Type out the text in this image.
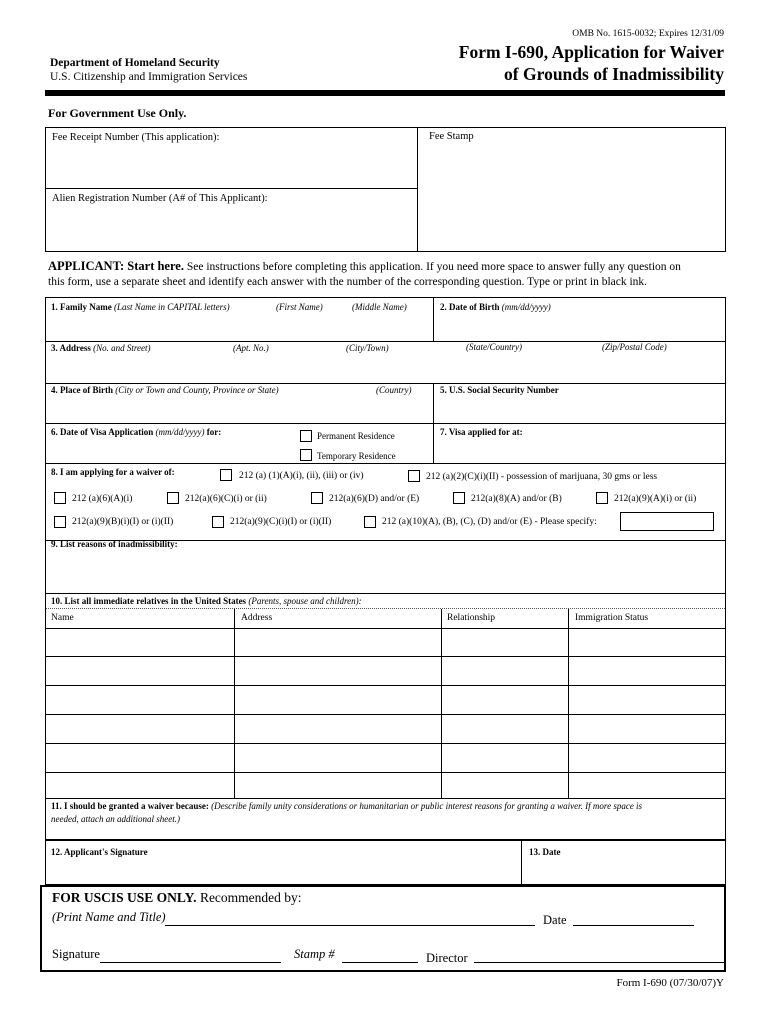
OMB No. 1615-0032; Expires 12/31/09
Department of Homeland Security
U.S. Citizenship and Immigration Services
Form I-690, Application for Waiver
of Grounds of Inadmissibility
For Government Use Only.
Fee Receipt Number (This application):
Alien Registration Number (A# of This Applicant):
Fee Stamp
APPLICANT: Start here. See instructions before completing this application. If you need more space to answer fully any question on
this form, use a separate sheet and identify each answer with the number of the corresponding question. Type or print in black ink.
1. Family Name (Last Name in CAPITAL letters)	(First Name)	(Middle Name)	2. Date of Birth (mm/dd/yyyy)
3. Address (No. and Street)	(Apt. No.)	(City/Town)	(State/Country)	(Zip/Postal Code)
4. Place of Birth (City or Town and County, Province or State)	(Country)	5. U.S. Social Security Number
6. Date of Visa Application (mm/dd/yyyy) for:	Permanent Residence
Temporary Residence
7. Visa applied for at:
8. I am applying for a waiver of:	212 (a) (1)(A)(i), (ii), (iii) or (iv)	212 (a)(2)(C)(i)(II) - possession of marijuana, 30 gms or less
212 (a)(6)(A)(i)	212(a)(6)(C)(i) or (ii)	212(a)(6)(D) and/or (E)	212(a)(8)(A) and/or (B)	212(a)(9)(A)(i) or (ii)
212(a)(9)(B)(i)(I) or (i)(II)	212(a)(9)(C)(i)(I) or (i)(II)	212 (a)(10)(A), (B), (C), (D) and/or (E) - Please specify:
9. List reasons of inadmissibility:
10. List all immediate relatives in the United States (Parents, spouse and children):
Name	Address	Relationship	Immigration Status
11. I should be granted a waiver because: (Describe family unity considerations or humanitarian or public interest reasons for granting a waiver. If more space is
needed, attach an additional sheet.)
12. Applicant's Signature	13. Date
FOR USCIS USE ONLY. Recommended by:
(Print Name and Title)	Date
Signature	Stamp #	Director
Form I-690 (07/30/07)Y
